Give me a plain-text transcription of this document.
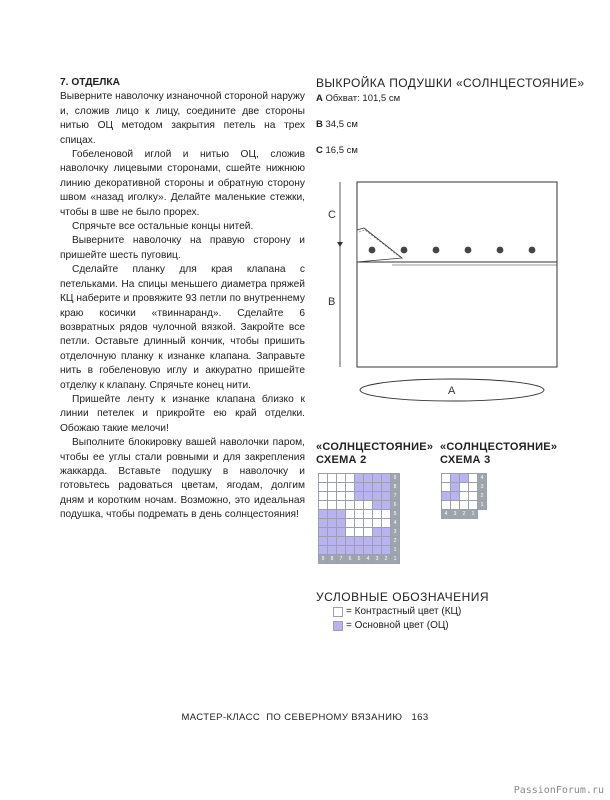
7. ОТДЕЛКА

Выверните наволочку изнаночной стороной наружу и, сложив лицо к лицу, соедините две стороны нитью ОЦ методом закрытия петель на трех спицах.

Гобеленовой иглой и нитью ОЦ, сложив наволочку лицевыми сторонами, сшейте нижнюю линию декоративной стороны и обратную сторону швом «назад иголку». Делайте маленькие стежки, чтобы в шве не было прорех.

Спрячьте все остальные концы нитей.

Выверните наволочку на правую сторону и пришейте шесть пуговиц.

Сделайте планку для края клапана с петельками. На спицы меньшего диаметра пряжей КЦ наберите и провяжите 93 петли по внутреннему краю косички «твиннаранд». Сделайте 6 возвратных рядов чулочной вязкой. Закройте все петли. Оставьте длинный кончик, чтобы пришить отделочную планку к изнанке клапана. Заправьте нить в гобеленовую иглу и аккуратно пришейте отделку к клапану. Спрячьте конец нити.

Пришейте ленту к изнанке клапана близко к линии петелек и прикройте ею край отделки. Обожаю такие мелочи!

Выполните блокировку вашей наволочки паром, чтобы ее углы стали ровными и для закрепления жаккарда. Вставьте подушку в наволочку и готовьтесь радоваться цветам, ягодам, долгим дням и коротким ночам. Возможно, это идеальная подушка, чтобы подремать в день солнцестояния!

ВЫКРОЙКА ПОДУШКИ «СОЛНЦЕСТОЯНИЕ»
A Обхват: 101,5 см
B 34,5 см
C 16,5 см
C
B
A
«СОЛНЦЕСТОЯНИЕ»
СХЕМА 2
								9
								8
								7
								6
								5
								4
								3
								2
								1
9	8	7	6	5	4	3	2	1
«СОЛНЦЕСТОЯНИЕ»
СХЕМА 3
				4
				3
				2
				1
4	3	2	1	
УСЛОВНЫЕ ОБОЗНАЧЕНИЯ
= Контрастный цвет (КЦ)
= Основной цвет (ОЦ)
МАСТЕР-КЛАСС ПО СЕВЕРНОМУ ВЯЗАНИЮ 163
PassionForum.ru
